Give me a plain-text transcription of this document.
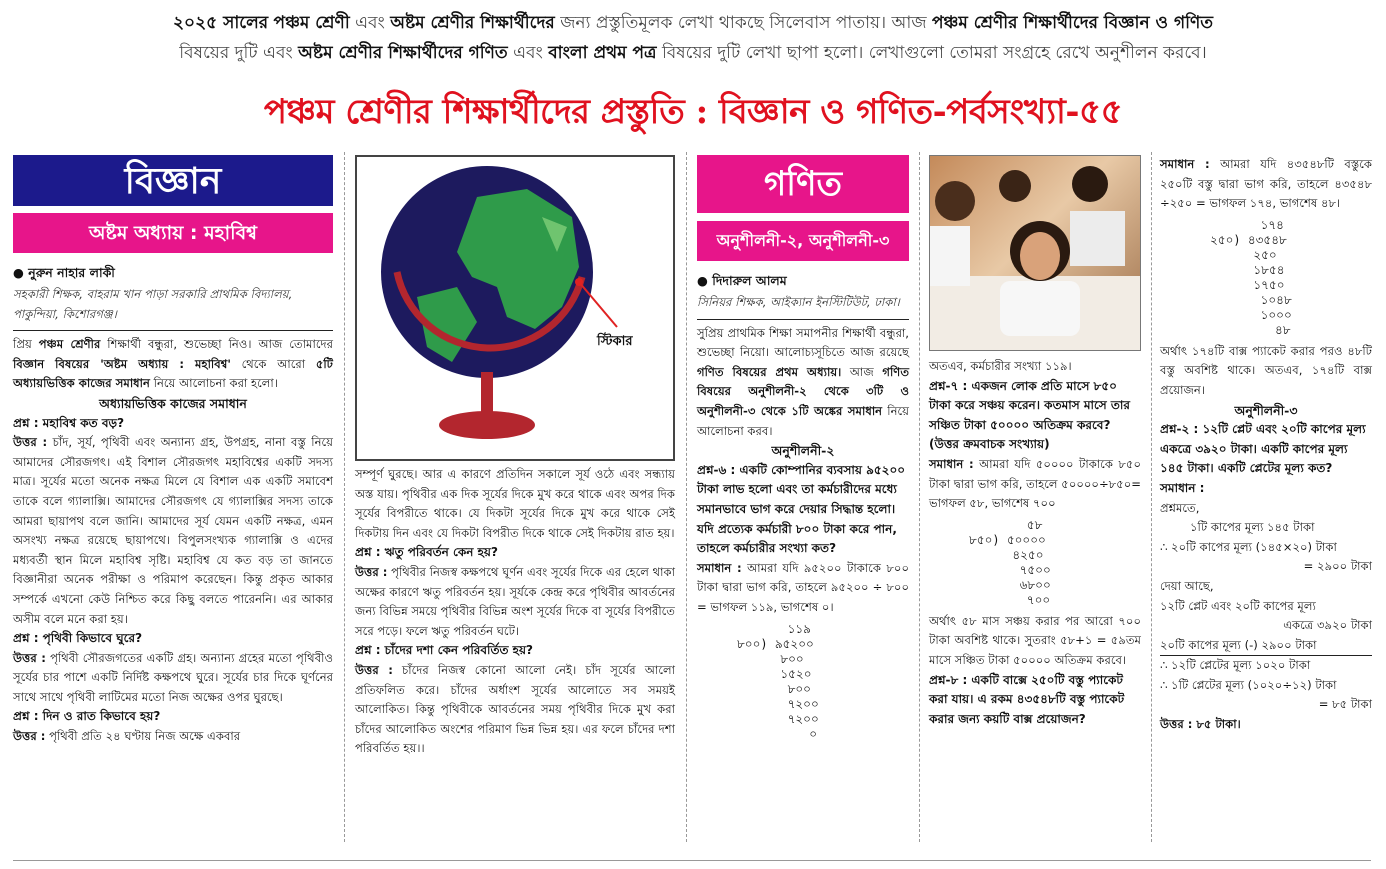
২০২৫ সালের পঞ্চম শ্রেণী এবং অষ্টম শ্রেণীর শিক্ষার্থীদের জন্য প্রস্তুতিমূলক লেখা থাকছে সিলেবাস পাতায়। আজ পঞ্চম শ্রেণীর শিক্ষার্থীদের বিজ্ঞান ও গণিত
বিষয়ের দুটি এবং অষ্টম শ্রেণীর শিক্ষার্থীদের গণিত এবং বাংলা প্রথম পত্র বিষয়ের দুটি লেখা ছাপা হলো। লেখাগুলো তোমরা সংগ্রহে রেখে অনুশীলন করবে।
পঞ্চম শ্রেণীর শিক্ষার্থীদের প্রস্তুতি : বিজ্ঞান ও গণিত-পর্বসংখ্যা-৫৫
বিজ্ঞান
অষ্টম অধ্যায় : মহাবিশ্ব
● নুরুন নাহার লাকী
সহকারী শিক্ষক, বাহরাম খান পাড়া সরকারি প্রাথমিক বিদ্যালয়, পাকুন্দিয়া, কিশোরগঞ্জ।
প্রিয় পঞ্চম শ্রেণীর শিক্ষার্থী বন্ধুরা, শুভেচ্ছা নিও। আজ তোমাদের বিজ্ঞান বিষয়ের 'অষ্টম অধ্যায় : মহাবিশ্ব' থেকে আরো ৫টি অধ্যায়ভিত্তিক কাজের সমাধান নিয়ে আলোচনা করা হলো।
অধ্যায়ভিত্তিক কাজের সমাধান
প্রশ্ন : মহাবিশ্ব কত বড়?
উত্তর : চাঁদ, সূর্য, পৃথিবী এবং অন্যান্য গ্রহ, উপগ্রহ, নানা বস্তু নিয়ে আমাদের সৌরজগৎ। এই বিশাল সৌরজগৎ মহাবিশ্বের একটি সদস্য মাত্র। সূর্যের মতো অনেক নক্ষত্র মিলে যে বিশাল এক একটি সমাবেশ তাকে বলে গ্যালাক্সি। আমাদের সৌরজগৎ যে গ্যালাক্সির সদস্য তাকে আমরা ছায়াপথ বলে জানি। আমাদের সূর্য যেমন একটি নক্ষত্র, এমন অসংখ্য নক্ষত্র রয়েছে ছায়াপথে। বিপুলসংখ্যক গ্যালাক্সি ও এদের মধ্যবর্তী স্থান মিলে মহাবিশ্ব সৃষ্টি। মহাবিশ্ব যে কত বড় তা জানতে বিজ্ঞানীরা অনেক পরীক্ষা ও পরিমাপ করেছেন। কিন্তু প্রকৃত আকার সম্পর্কে এখনো কেউ নিশ্চিত করে কিছু বলতে পারেননি। এর আকার অসীম বলে মনে করা হয়।
প্রশ্ন : পৃথিবী কিভাবে ঘুরে?
উত্তর : পৃথিবী সৌরজগতের একটি গ্রহ। অন্যান্য গ্রহের মতো পৃথিবীও সূর্যের চার পাশে একটি নির্দিষ্ট কক্ষপথে ঘুরে। সূর্যের চার দিকে ঘূর্ণনের সাথে সাথে পৃথিবী লাটিমের মতো নিজ অক্ষের ওপর ঘুরছে।
প্রশ্ন : দিন ও রাত কিভাবে হয়?
উত্তর : পৃথিবী প্রতি ২৪ ঘণ্টায় নিজ অক্ষে একবার
স্টিকার
সম্পূর্ণ ঘুরছে। আর এ কারণে প্রতিদিন সকালে সূর্য ওঠে এবং সন্ধ্যায় অস্ত যায়। পৃথিবীর এক দিক সূর্যের দিকে মুখ করে থাকে এবং অপর দিক সূর্যের বিপরীতে থাকে। যে দিকটা সূর্যের দিকে মুখ করে থাকে সেই দিকটায় দিন এবং যে দিকটা বিপরীত দিকে থাকে সেই দিকটায় রাত হয়।
প্রশ্ন : ঋতু পরিবর্তন কেন হয়?
উত্তর : পৃথিবীর নিজস্ব কক্ষপথে ঘূর্ণন এবং সূর্যের দিকে এর হেলে থাকা অক্ষের কারণে ঋতু পরিবর্তন হয়। সূর্যকে কেন্দ্র করে পৃথিবীর আবর্তনের জন্য বিভিন্ন সময়ে পৃথিবীর বিভিন্ন অংশ সূর্যের দিকে বা সূর্যের বিপরীতে সরে পড়ে। ফলে ঋতু পরিবর্তন ঘটে।
প্রশ্ন : চাঁদের দশা কেন পরিবর্তিত হয়?
উত্তর : চাঁদের নিজস্ব কোনো আলো নেই। চাঁদ সূর্যের আলো প্রতিফলিত করে। চাঁদের অর্ধাংশ সূর্যের আলোতে সব সময়ই আলোকিত। কিন্তু পৃথিবীকে আবর্তনের সময় পৃথিবীর দিকে মুখ করা চাঁদের আলোকিত অংশের পরিমাণ ভিন্ন ভিন্ন হয়। এর ফলে চাঁদের দশা পরিবর্তিত হয়।।
গণিত
অনুশীলনী-২, অনুশীলনী-৩
● দিদারুল আলম
সিনিয়র শিক্ষক, আইক্যান ইনস্টিটিউট, ঢাকা।
সুপ্রিয় প্রাথমিক শিক্ষা সমাপনীর শিক্ষার্থী বন্ধুরা, শুভেচ্ছা নিয়ো। আলোচ্যসূচিতে আজ রয়েছে গণিত বিষয়ের প্রথম অধ্যায়। আজ গণিত বিষয়ের অনুশীলনী-২ থেকে ৩টি ও অনুশীলনী-৩ থেকে ১টি অঙ্কের সমাধান নিয়ে আলোচনা করব।
অনুশীলনী-২
প্রশ্ন-৬ : একটি কোম্পানির ব্যবসায় ৯৫২০০ টাকা লাভ হলো এবং তা কর্মচারীদের মধ্যে সমানভাবে ভাগ করে দেয়ার সিদ্ধান্ত হলো। যদি প্রত্যেক কর্মচারী ৮০০ টাকা করে পান, তাহলে কর্মচারীর সংখ্যা কত?
সমাধান : আমরা যদি ৯৫২০০ টাকাকে ৮০০ টাকা দ্বারা ভাগ করি, তাহলে ৯৫২০০ ÷ ৮০০ = ভাগফল ১১৯, ভাগশেষ ০।
১১৯
৮০০) ৯৫২০০
৮০০
১৫২০
৮০০
৭২০০
৭২০০
০
অতএব, কর্মচারীর সংখ্যা ১১৯।
প্রশ্ন-৭ : একজন লোক প্রতি মাসে ৮৫০ টাকা করে সঞ্চয় করেন। কতমাস মাসে তার সঞ্চিত টাকা ৫০০০০ অতিক্রম করবে? (উত্তর ক্রমবাচক সংখ্যায়)
সমাধান : আমরা যদি ৫০০০০ টাকাকে ৮৫০ টাকা দ্বারা ভাগ করি, তাহলে ৫০০০০÷৮৫০= ভাগফল ৫৮, ভাগশেষ ৭০০
৫৮
৮৫০) ৫০০০০
৪২৫০
৭৫০০
৬৮০০
৭০০
অর্থাৎ ৫৮ মাস সঞ্চয় করার পর আরো ৭০০ টাকা অবশিষ্ট থাকে। সুতরাং ৫৮+১ = ৫৯তম মাসে সঞ্চিত টাকা ৫০০০০ অতিক্রম করবে।
প্রশ্ন-৮ : একটি বাক্সে ২৫০টি বস্তু প্যাকেট করা যায়। এ রকম ৪৩৫৪৮টি বস্তু প্যাকেট করার জন্য কয়টি বাক্স প্রয়োজন?
সমাধান : আমরা যদি ৪৩৫৪৮টি বস্তুকে ২৫০টি বস্তু দ্বারা ভাগ করি, তাহলে ৪৩৫৪৮ ÷২৫০ = ভাগফল ১৭৪, ভাগশেষ ৪৮।
১৭৪
২৫০) ৪৩৫৪৮
২৫০
১৮৫৪
১৭৫০
১০৪৮
১০০০
৪৮
অর্থাৎ ১৭৪টি বাক্স প্যাকেট করার পরও ৪৮টি বস্তু অবশিষ্ট থাকে। অতএব, ১৭৪টি বাক্স প্রয়োজন।
অনুশীলনী-৩
প্রশ্ন-২ : ১২টি প্লেট এবং ২০টি কাপের মূল্য একত্রে ৩৯২০ টাকা। একটি কাপের মূল্য ১৪৫ টাকা। একটি প্লেটের মূল্য কত?
সমাধান :
প্রশ্নমতে,
১টি কাপের মূল্য ১৪৫ টাকা
∴ ২০টি কাপের মূল্য (১৪৫×২০) টাকা
= ২৯০০ টাকা
দেয়া আছে,
১২টি প্লেট এবং ২০টি কাপের মূল্য
একত্রে ৩৯২০ টাকা
২০টি কাপের মূল্য (-) ২৯০০ টাকা
∴ ১২টি প্লেটের মূল্য ১০২০ টাকা
∴ ১টি প্লেটের মূল্য (১০২০÷১২) টাকা
= ৮৫ টাকা
উত্তর : ৮৫ টাকা।
